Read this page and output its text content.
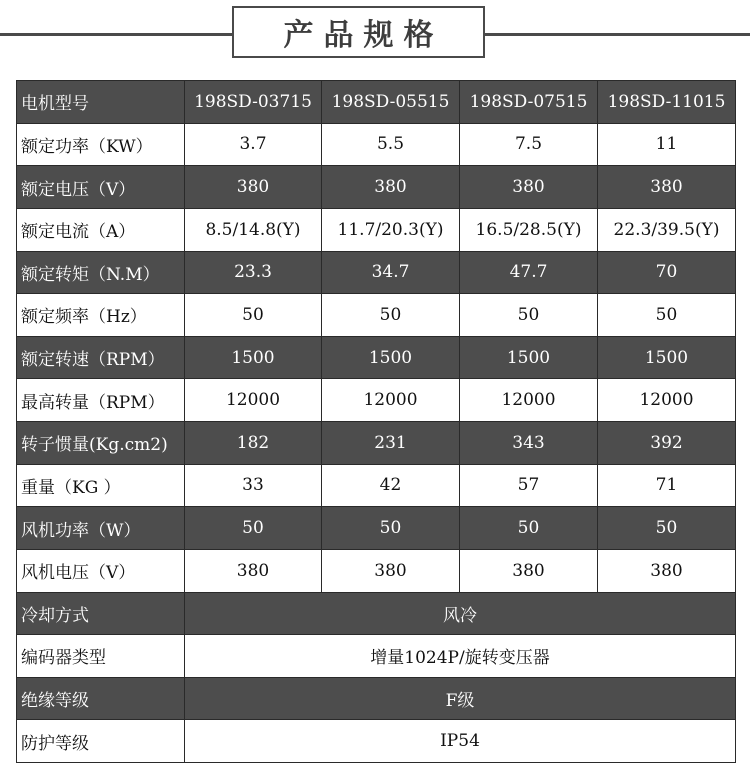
产品规格
电机型号	198SD-03715	198SD-05515	198SD-07515	198SD-11015
额定功率（KW）	3.7	5.5	7.5	11
额定电压（V）	380	380	380	380
额定电流（A）	8.5/14.8(Y)	11.7/20.3(Y)	16.5/28.5(Y)	22.3/39.5(Y)
额定转矩（N.M）	23.3	34.7	47.7	70
额定频率（Hz）	50	50	50	50
额定转速（RPM）	1500	1500	1500	1500
最高转量（RPM）	12000	12000	12000	12000
转子惯量(Kg.cm2)	182	231	343	392
重量（KG ）	33	42	57	71
风机功率（W）	50	50	50	50
风机电压（V）	380	380	380	380
冷却方式	风冷			
编码器类型	增量1024P/旋转变压器			
绝缘等级	F级			
防护等级	IP54			
